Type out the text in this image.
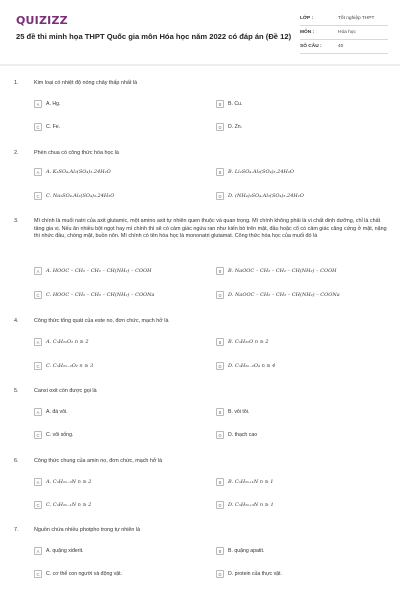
QUIZIZZ
25 đề thi minh họa THPT Quốc gia môn Hóa học năm 2022 có đáp án (Đề 12)
LỚP :	Tốt nghiệp THPT
MÔN :	Hóa học
SỐ CÂU :	40
1.	Kim loại có nhiệt độ nóng chảy thấp nhất là
A	A. Hg.	B	B. Cu.
C	C. Fe.	D	D. Zn.
2.	Phèn chua có công thức hóa học là
A	A. K₂SO₄.Al₂(SO₄)₃.24H₂O	B	B. Li₂SO₄.Al₂(SO₄)₃.24H₂O
C	C. Na₂SO₄.Al₂(SO₄)₃.24H₂O	D	D. (NH₄)₂SO₄.Al₂(SO₄)₃.24H₂O
3.	Mì chính là muối natri của axit glutamic, một amino axit tự nhiên quen thuộc và quan trọng. Mì chính không phải là vi chất dinh dưỡng, chỉ là chất tăng gia vị. Nếu ăn nhiều bột ngọt hay mì chính thì sẽ có cảm giác ngứa ran như kiến bò trên mặt, đầu hoặc cổ có cảm giác căng cứng ở mặt, nặng thì nhức đầu, chóng mặt, buồn nôn. Mì chính có tên hóa học là mononatri glutamat. Công thức hóa học của muối đó là
A	A. HOOC – CH₂ – CH₂ – CH(NH₂) – COOH	B	B. NaOOC – CH₂ – CH₂ – CH(NH₂) – COOH
C	C. HOOC – CH₂ – CH₂ – CH(NH₂) – COONa	D	D. NaOOC – CH₂ – CH₂ – CH(NH₂) – COONa
4.	Công thức tổng quát của este no, đơn chức, mạch hở là
A	A. CₙH₂ₙO₂ n ≥ 2	B	B. CₙH₂ₙO n ≥ 2
C	C. CₙH₂ₙ₋₂O₂ n ≥ 3	D	D. CₙH₂ₙ₋₂O₄ n ≥ 4
5.	Canxi oxit còn được gọi là
A	A. đá vôi.	B	B. vôi tôi.
C	C. vôi sống.	D	D. thạch cao
6.	Công thức chung của amin no, đơn chức, mạch hở là
A	A. CₙH₂ₙ₋₅N n ≥ 2	B	B. CₙH₂ₙ₊₁N n ≥ 1
C	C. CₙH₂ₙ₋₁N n ≥ 2	D	D. CₙH₂ₙ₊₃N n ≥ 1
7.	Nguồn chứa nhiều photpho trong tự nhiên là
A	A. quặng xiđerit.	B	B. quặng apatit.
C	C. cơ thể con người và động vật.	D	D. protein của thực vật.
